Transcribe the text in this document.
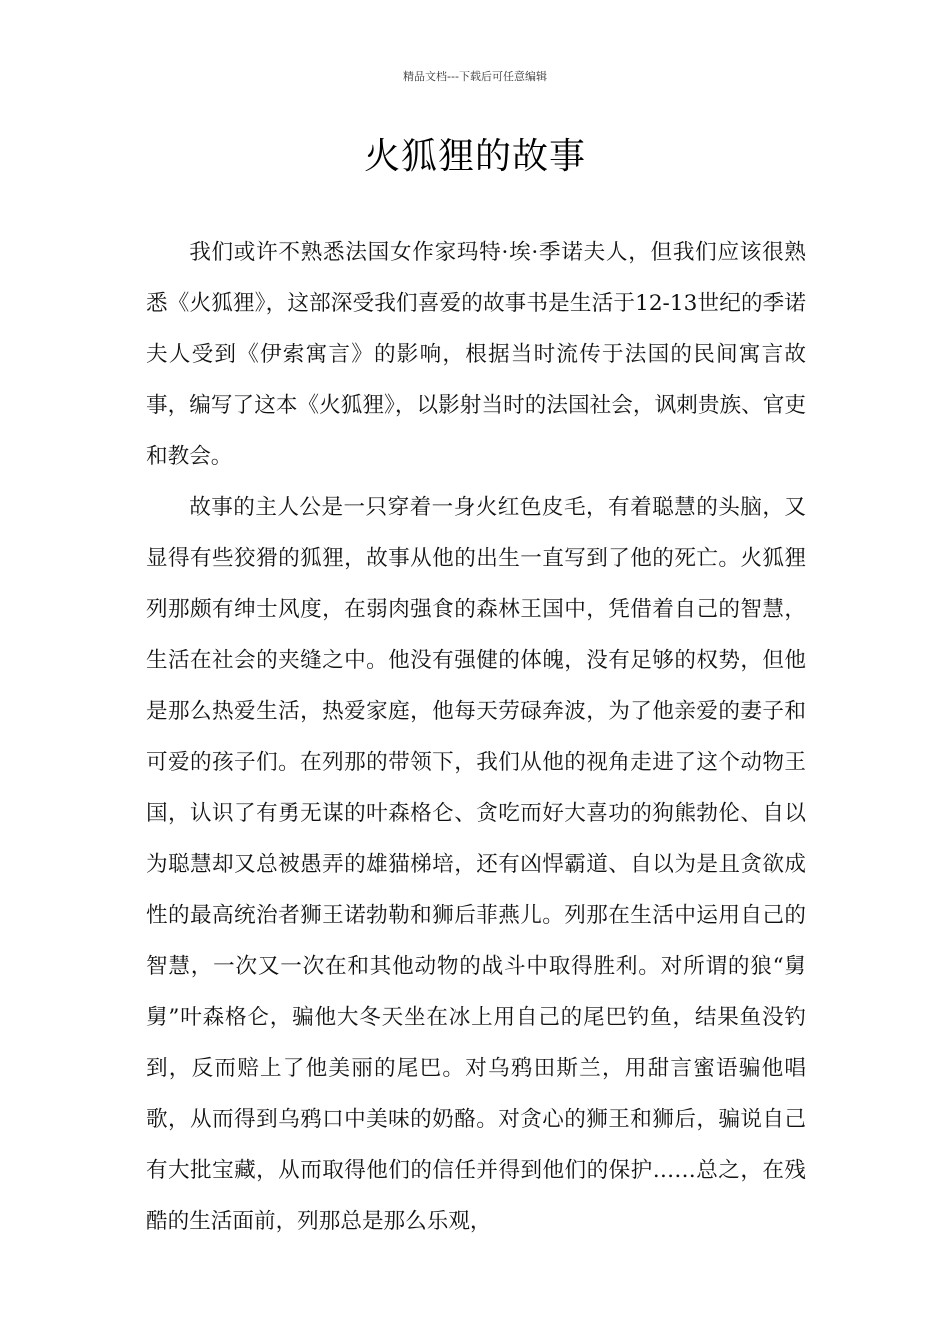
精品文档---下载后可任意编辑
火狐狸的故事

我们或许不熟悉法国女作家玛特·埃·季诺夫人，但我们应该很熟悉《火狐狸》，这部深受我们喜爱的故事书是生活于12-13世纪的季诺夫人受到《伊索寓言》的影响，根据当时流传于法国的民间寓言故事，编写了这本《火狐狸》，以影射当时的法国社会，讽刺贵族、官吏和教会。

故事的主人公是一只穿着一身火红色皮毛，有着聪慧的头脑，又显得有些狡猾的狐狸，故事从他的出生一直写到了他的死亡。火狐狸列那颇有绅士风度，在弱肉强食的森林王国中，凭借着自己的智慧，生活在社会的夹缝之中。他没有强健的体魄，没有足够的权势，但他是那么热爱生活，热爱家庭，他每天劳碌奔波，为了他亲爱的妻子和可爱的孩子们。在列那的带领下，我们从他的视角走进了这个动物王国，认识了有勇无谋的叶森格仑、贪吃而好大喜功的狗熊勃伦、自以为聪慧却又总被愚弄的雄猫梯培，还有凶悍霸道、自以为是且贪欲成性的最高统治者狮王诺勃勒和狮后菲燕儿。列那在生活中运用自己的智慧，一次又一次在和其他动物的战斗中取得胜利。对所谓的狼“舅舅”叶森格仑，骗他大冬天坐在冰上用自己的尾巴钓鱼，结果鱼没钓到，反而赔上了他美丽的尾巴。对乌鸦田斯兰，用甜言蜜语骗他唱歌，从而得到乌鸦口中美味的奶酪。对贪心的狮王和狮后，骗说自己有大批宝藏，从而取得他们的信任并得到他们的保护……总之，在残酷的生活面前，列那总是那么乐观，
